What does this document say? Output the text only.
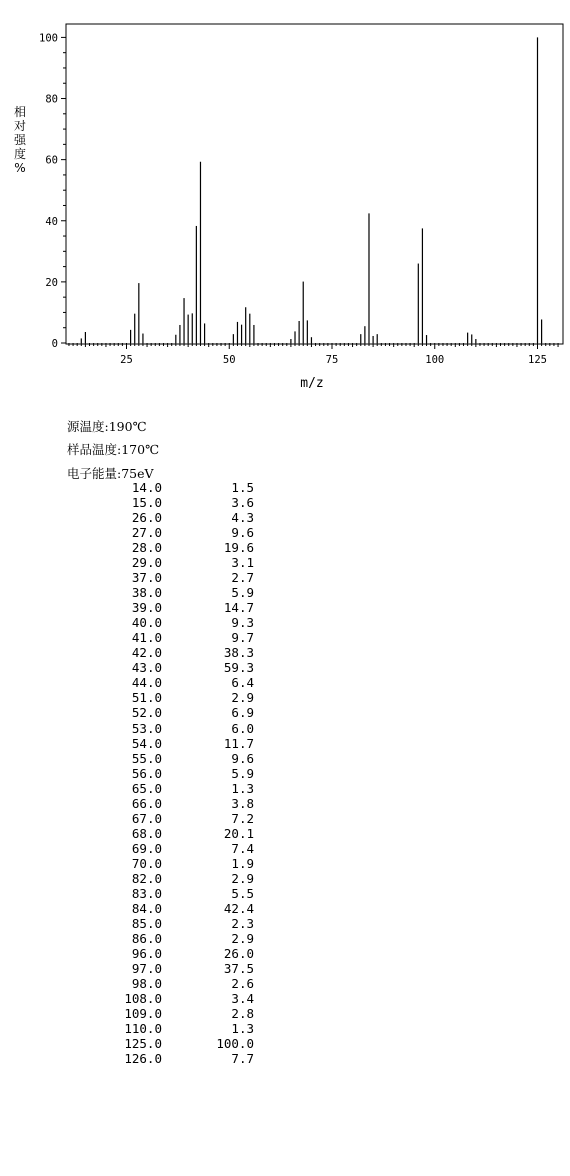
0
20
40
60
80
100
25	50	75	100	125
m/z
相
对
强
度
%
源温度:190℃
样品温度:170℃
电子能量:75eV
14.0	1.5
15.0	3.6
26.0	4.3
27.0	9.6
28.0	19.6
29.0	3.1
37.0	2.7
38.0	5.9
39.0	14.7
40.0	9.3
41.0	9.7
42.0	38.3
43.0	59.3
44.0	6.4
51.0	2.9
52.0	6.9
53.0	6.0
54.0	11.7
55.0	9.6
56.0	5.9
65.0	1.3
66.0	3.8
67.0	7.2
68.0	20.1
69.0	7.4
70.0	1.9
82.0	2.9
83.0	5.5
84.0	42.4
85.0	2.3
86.0	2.9
96.0	26.0
97.0	37.5
98.0	2.6
108.0	3.4
109.0	2.8
110.0	1.3
125.0	100.0
126.0	7.7
